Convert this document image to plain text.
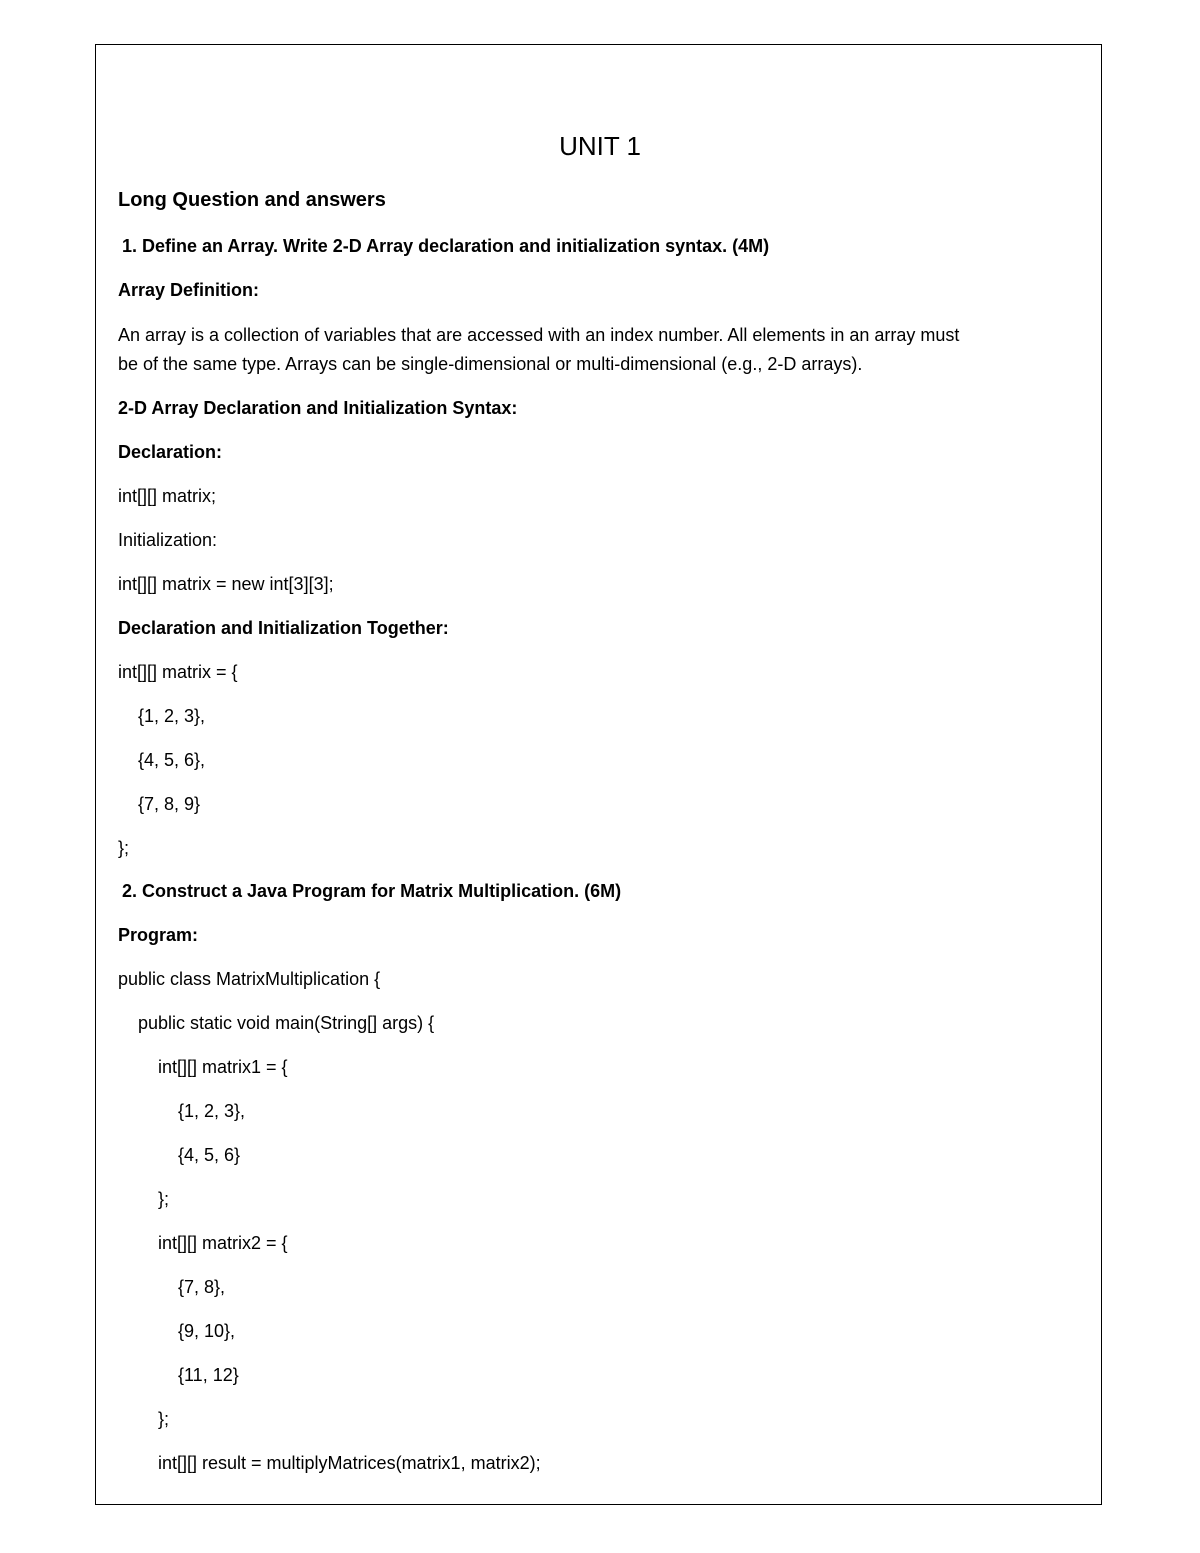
UNIT 1

Long Question and answers

1. Define an Array. Write 2-D Array declaration and initialization syntax. (4M)

Array Definition:

An array is a collection of variables that are accessed with an index number. All elements in an array must

be of the same type. Arrays can be single-dimensional or multi-dimensional (e.g., 2-D arrays).

2-D Array Declaration and Initialization Syntax:

Declaration:

int[][] matrix;

Initialization:

int[][] matrix = new int[3][3];

Declaration and Initialization Together:

int[][] matrix = {

{1, 2, 3},

{4, 5, 6},

{7, 8, 9}

};

2. Construct a Java Program for Matrix Multiplication. (6M)

Program:

public class MatrixMultiplication {

public static void main(String[] args) {

int[][] matrix1 = {

{1, 2, 3},

{4, 5, 6}

};

int[][] matrix2 = {

{7, 8},

{9, 10},

{11, 12}

};

int[][] result = multiplyMatrices(matrix1, matrix2);
